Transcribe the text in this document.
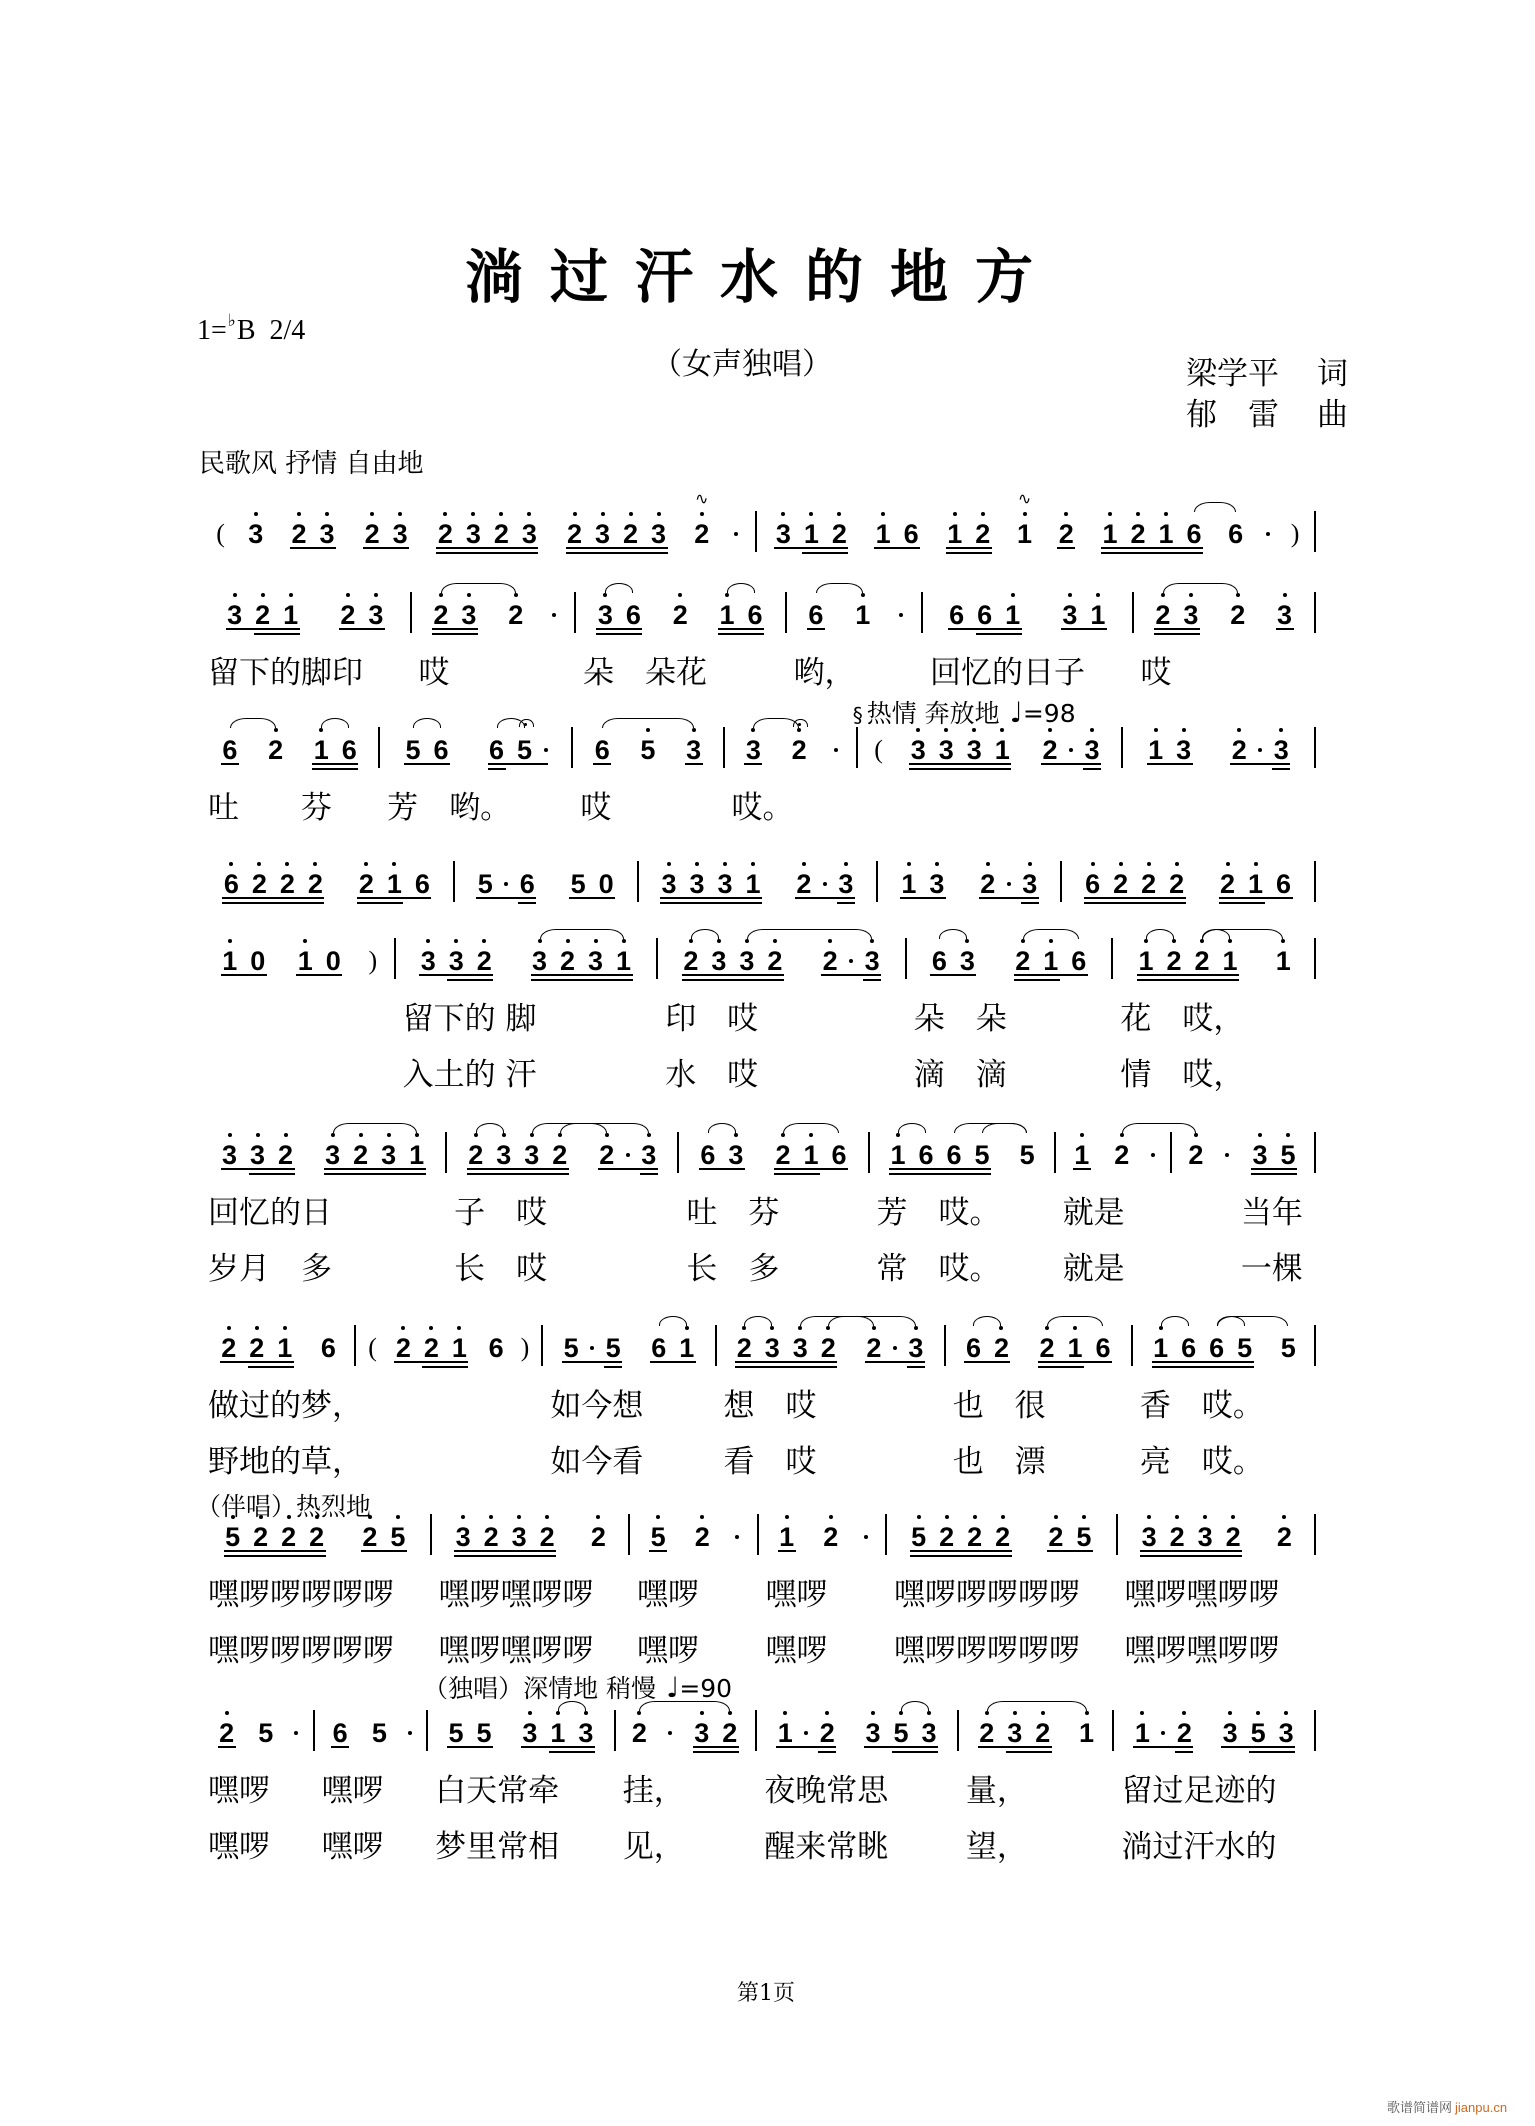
淌过汗水的地方
1=♭B 2/4
（女声独唱）	梁学平 词
郁　雷 曲
民歌风 抒情 自由地
( 3 2 3 2 3 2 3 2 3 2 3 2 3 2
∿
3 1 2 1 6 1 2 1
∿
2 1 2 1 6 6 )
3 2 1 2 3
留下的脚印
2 3 2
哎
3 6 2 1 6
朵　朵花
6 1
哟，
6 6 1 3 1
回忆的日子
2 3 2 3
哎
6 2 1 6
吐　　芬
5 6 6 5
芳　哟。
6 5 3
哎
3 2
哎。
( 3 3 3 1 2 3
§ 热情 奔放地 ♩=98
1 3 2 3
6 2 2 2 2 1 6 5 6 5 0 3 3 3 1 2 3 1 3 2 3 6 2 2 2 2 1 6
1 0 1 0 ) 3 3 2 3 2 3 1
留下的 脚
入土的 汗
2 3 3 2 2 3
印　哎
水　哎
6 3 2 1 6
朵　朵
滴　滴
1 2 2 1 1
花　哎，
情　哎，
3 3 2 3 2 3 1
回忆的日
岁月　多
2 3 3 2 2 3
子　哎
长　哎
6 3 2 1 6
吐　芬
长　多
1 6 6 5 5
芳　哎。
常　哎。
1 2
就是
就是
2 3 5
　　当年
　　一棵
2 2 1 6
做过的梦，
野地的草，
( 2 2 1 6 ) 5 5 6 1
如今想
如今看
2 3 3 2 2 3
想　哎
看　哎
6 2 2 1 6
也　很
也　漂
1 6 6 5 5
香　哎。
亮　哎。
5 2 2 2 2 5
嘿啰啰啰啰啰
嘿啰啰啰啰啰
（伴唱）热烈地
3 2 3 2 2
嘿啰嘿啰啰
嘿啰嘿啰啰
5 2
嘿啰
嘿啰
1 2
嘿啰
嘿啰
5 2 2 2 2 5
嘿啰啰啰啰啰
嘿啰啰啰啰啰
3 2 3 2 2
嘿啰嘿啰啰
嘿啰嘿啰啰
2 5
嘿啰
嘿啰
6 5
嘿啰
嘿啰
5 5 3 1 3
白天常牵
梦里常相
（独唱）深情地 稍慢 ♩=90
2 3 2
挂，
见，
1 2 3 5 3
夜晚常思
醒来常眺
2 3 2 1
量，
望，
1 2 3 5 3
留过足迹的
淌过汗水的
第1页
歌谱简谱网 jianpu.cn
